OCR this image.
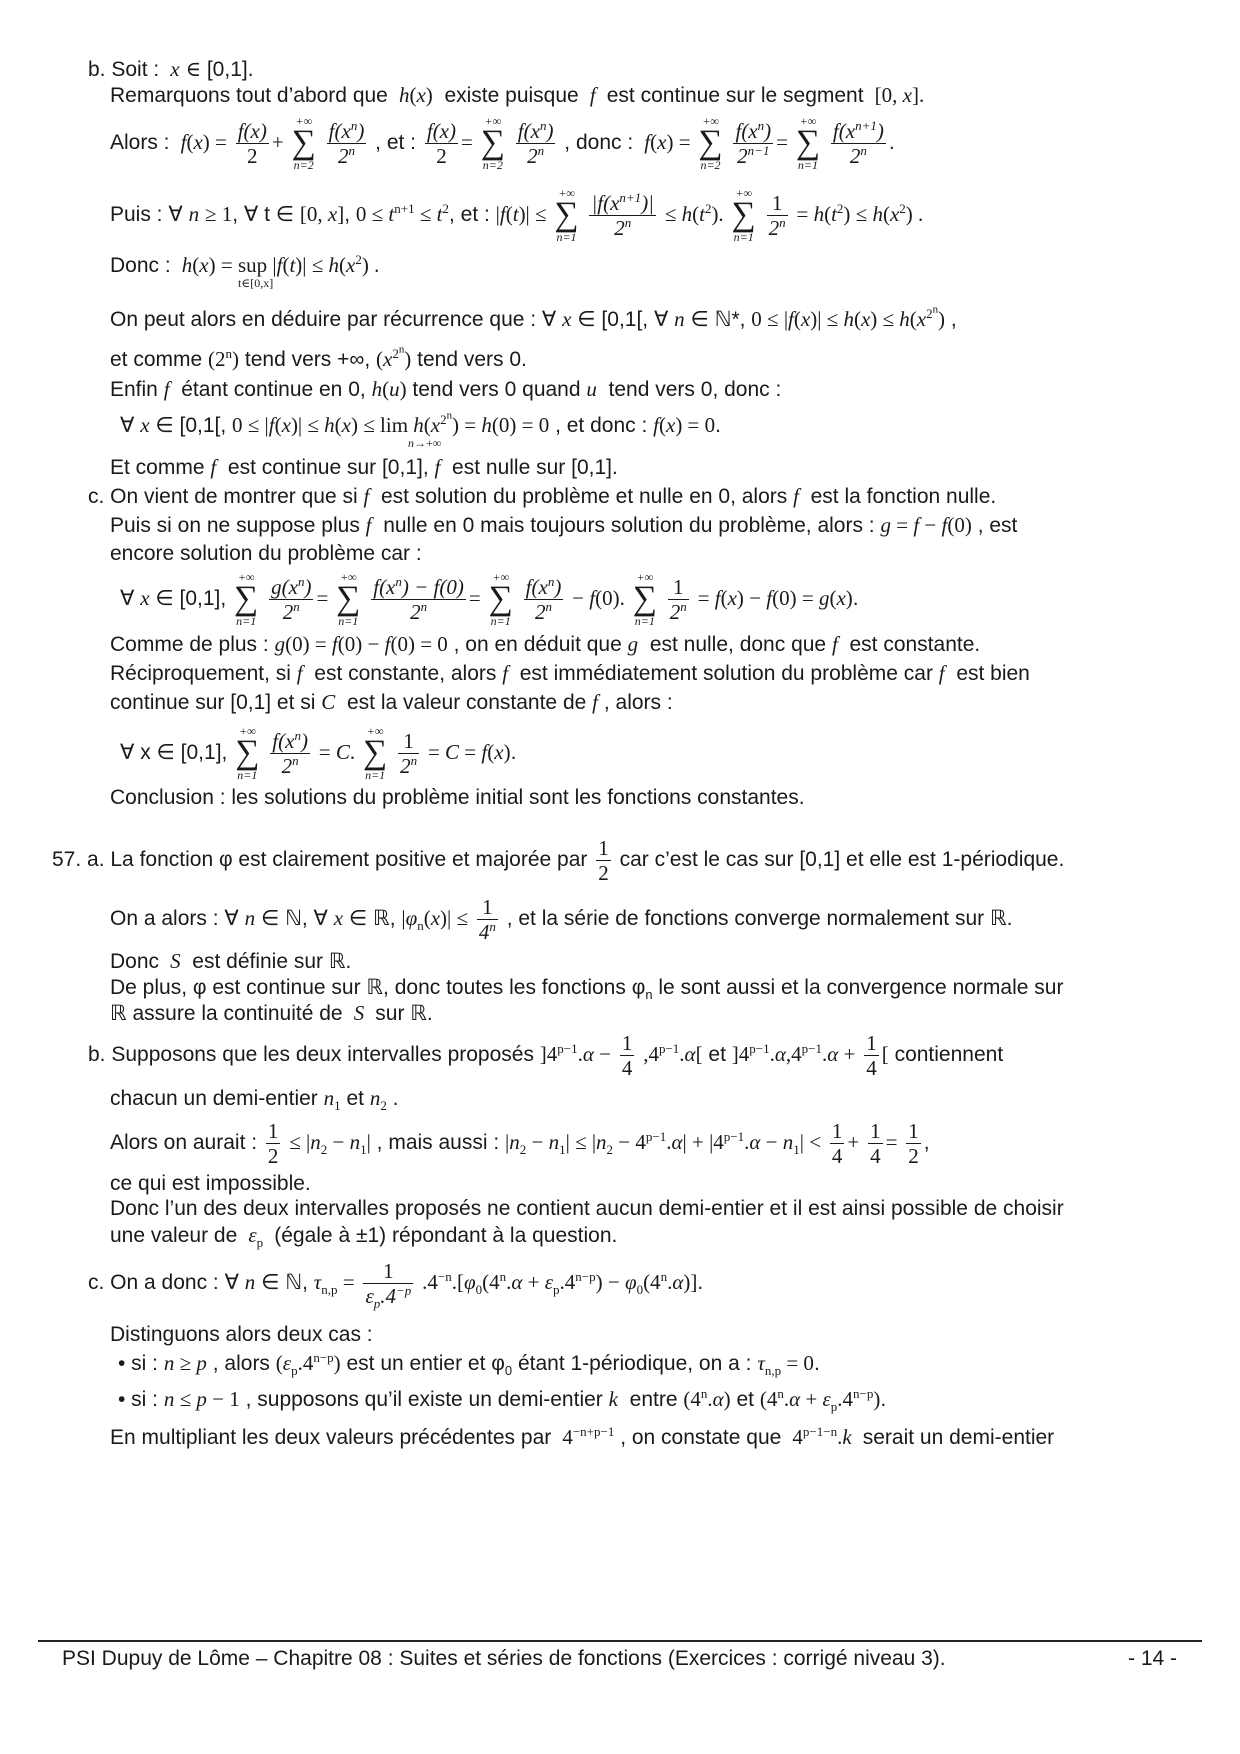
b. Soit :  x ∈ [0,1].
Remarquons tout d’abord que  h(x) existe puisque  f  est continue sur le segment  [0, x].
Alors :  $f(x) = \frac{f(x)}{2}$ +
+∞
∑
n=2
$\frac{f(x^n)}{2^n}$ , et : $\frac{f(x)}{2}$ =
+∞
∑
n=2
$\frac{f(x^n)}{2^n}$ , donc :  f(x) =
+∞
∑
n=2
$\frac{f(x^n)}{2^{n-1}}$ =
+∞
∑
n=1
$\frac{f(x^{n+1})}{2^n}$ .
Puis : ∀ n ≥ 1, ∀ t ∈ [0, x], $0 \le t^{n+1} \le t^2$, et : |f(t)| ≤
+∞
∑
n=1
$\frac{|f(x^{n+1})|}{2^n} \le h(t^2)$.
+∞
∑
n=1
$\frac{1}{2^n} = h(t^2) \le h(x^2)$ .
Donc : h(x) = sup $|f(t)| \le h(x^2)$ .
t∈[0,x]
On peut alors en déduire par récurrence que : ∀ x ∈ [0,1[, ∀ n ∈ ℕ*, $0 \le |f(x)| \le h(x) \le h(x^{2^n})$ ,
et comme (2$^n$) tend vers +∞, $(x^{2^n})$ tend vers 0.
Enfin f étant continue en 0, h(u) tend vers 0 quand u tend vers 0, donc :
∀ x ∈ [0,1[, $0 \le |f(x)| \le h(x) \le \lim h(x^{2^n}) = h(0) = 0$ , et donc : f(x) = 0.
n→+∞
Et comme f est continue sur [0,1], f est nulle sur [0,1].
c. On vient de montrer que si f est solution du problème et nulle en 0, alors f est la fonction nulle.
Puis si on ne suppose plus f nulle en 0 mais toujours solution du problème, alors : g = f − f(0) , est
encore solution du problème car :
∀ x ∈ [0,1],
+∞
∑
n=1
$\frac{g(x^n)}{2^n}$ =
+∞
∑
n=1
$\frac{f(x^n) - f(0)}{2^n}$ =
+∞
∑
n=1
$\frac{f(x^n)}{2^n} - f(0)$.
+∞
∑
n=1
$\frac{1}{2^n} = f(x) - f(0) = g(x)$.
Comme de plus : g(0) = f(0) − f(0) = 0 , on en déduit que g est nulle, donc que f est constante.
Réciproquement, si f est constante, alors f est immédiatement solution du problème car f est bien
continue sur [0,1] et si C est la valeur constante de f , alors :
∀ x ∈ [0,1],
+∞
∑
n=1
$\frac{f(x^n)}{2^n} = C$.
+∞
∑
n=1
$\frac{1}{2^n} = C = f(x)$.
Conclusion : les solutions du problème initial sont les fonctions constantes.
57. a. La fonction φ est clairement positive et majorée par $\frac{1}{2}$ car c’est le cas sur [0,1] et elle est 1-périodique.
On a alors : ∀ n ∈ ℕ, ∀ x ∈ ℝ, $|\varphi_n(x)| \le \frac{1}{4^n}$ , et la série de fonctions converge normalement sur ℝ.
Donc  S est définie sur ℝ.
De plus, φ est continue sur ℝ, donc toutes les fonctions $\varphi_n$ le sont aussi et la convergence normale sur
ℝ assure la continuité de  S  sur ℝ.
b. Supposons que les deux intervalles proposés ]$4^{p-1}.\alpha - \frac{1}{4} ,4^{p-1}.\alpha$[ et ]$4^{p-1}.\alpha,4^{p-1}.\alpha + \frac{1}{4}$ [ contiennent
chacun un demi-entier $n_1$ et $n_2$ .
Alors on aurait : $\frac{1}{2} \le |n_2 - n_1|$ , mais aussi : $|n_2 - n_1| \le |n_2 - 4^{p-1}.\alpha| + |4^{p-1}.\alpha - n_1| < \frac{1}{4} + \frac{1}{4} = \frac{1}{2}$ ,
ce qui est impossible.
Donc l’un des deux intervalles proposés ne contient aucun demi-entier et il est ainsi possible de choisir
une valeur de $\varepsilon_p$ (égale à ±1) répondant à la question.
c. On a donc : ∀ n ∈ ℕ, $\tau_{n,p} = \frac{1}{\varepsilon_p.4^{-p}} .4^{-n}.[\varphi_0(4^n.\alpha + \varepsilon_p.4^{n-p}) - \varphi_0(4^n.\alpha)]$.
Distinguons alors deux cas :
• si : n ≥ p , alors $(\varepsilon_p.4^{n-p})$ est un entier et $\varphi_0$ étant 1-périodique, on a : $\tau_{n,p} = 0$.
• si : n ≤ p − 1 , supposons qu’il existe un demi-entier k entre (4$^n$.α) et $(4^n.\alpha + \varepsilon_p.4^{n-p})$.
En multipliant les deux valeurs précédentes par  $4^{-n+p-1}$ , on constate que  $4^{p-1-n}.k$ serait un demi-entier
PSI Dupuy de Lôme – Chapitre 08 : Suites et séries de fonctions (Exercices : corrigé niveau 3).	- 14 -
